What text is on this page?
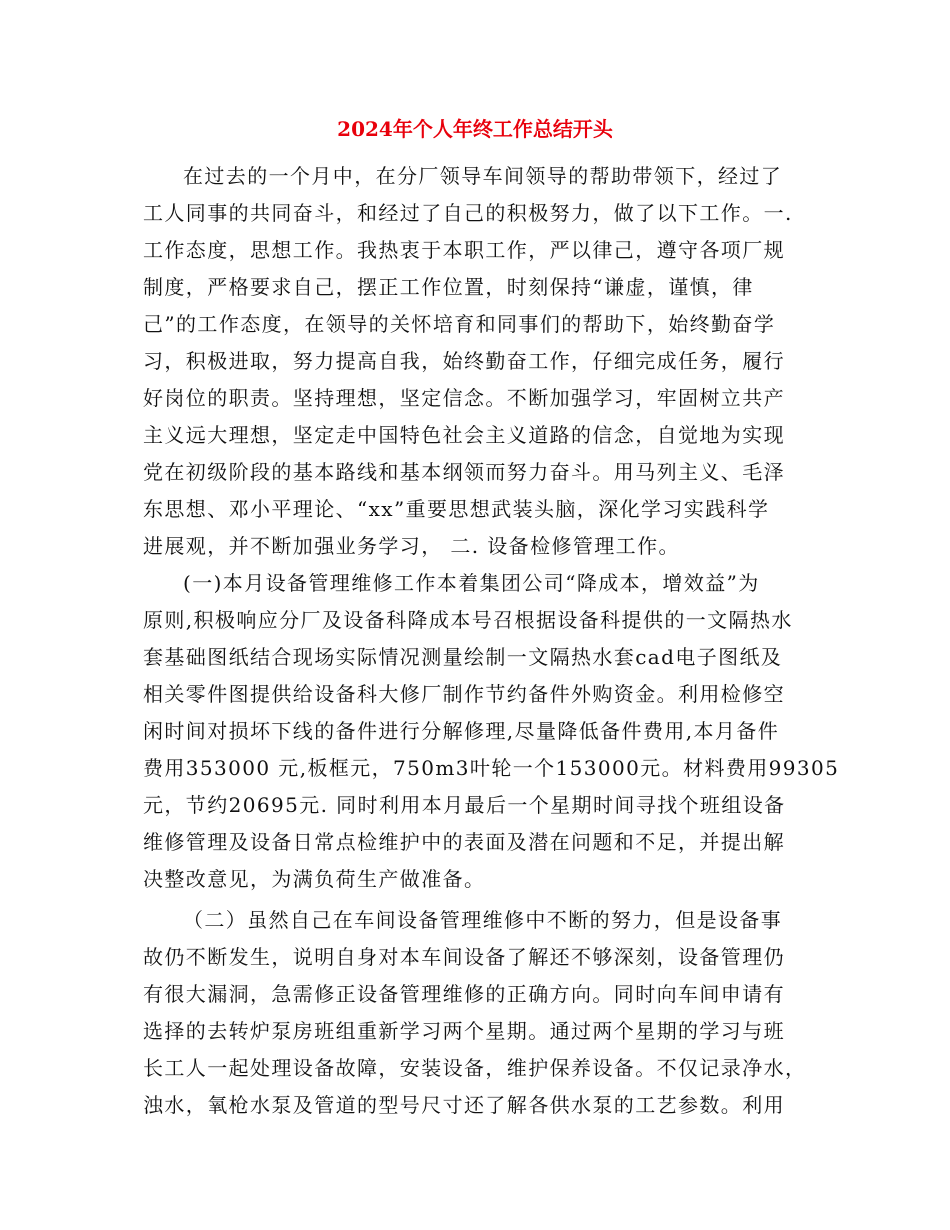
2024年个人年终工作总结开头

在过去的一个月中，在分厂领导车间领导的帮助带领下，经过了
工人同事的共同奋斗，和经过了自己的积极努力，做了以下工作。一.
工作态度，思想工作。我热衷于本职工作，严以律己，遵守各项厂规
制度，严格要求自己，摆正工作位置，时刻保持“谦虚，谨慎，律
己”的工作态度，在领导的关怀培育和同事们的帮助下，始终勤奋学
习，积极进取，努力提高自我，始终勤奋工作，仔细完成任务，履行
好岗位的职责。坚持理想，坚定信念。不断加强学习，牢固树立共产
主义远大理想，坚定走中国特色社会主义道路的信念，自觉地为实现
党在初级阶段的基本路线和基本纲领而努力奋斗。用马列主义、毛泽
东思想、邓小平理论、“xx”重要思想武装头脑，深化学习实践科学
进展观，并不断加强业务学习， 二. 设备检修管理工作。

(一)本月设备管理维修工作本着集团公司“降成本，增效益”为
原则,积极响应分厂及设备科降成本号召根据设备科提供的一文隔热水
套基础图纸结合现场实际情况测量绘制一文隔热水套cad电子图纸及
相关零件图提供给设备科大修厂制作节约备件外购资金。利用检修空
闲时间对损坏下线的备件进行分解修理,尽量降低备件费用,本月备件
费用353000 元,板框元，750m3叶轮一个153000元。材料费用99305
元，节约20695元. 同时利用本月最后一个星期时间寻找个班组设备
维修管理及设备日常点检维护中的表面及潜在问题和不足，并提出解
决整改意见，为满负荷生产做准备。

（二）虽然自己在车间设备管理维修中不断的努力，但是设备事
故仍不断发生，说明自身对本车间设备了解还不够深刻，设备管理仍
有很大漏洞，急需修正设备管理维修的正确方向。同时向车间申请有
选择的去转炉泵房班组重新学习两个星期。通过两个星期的学习与班
长工人一起处理设备故障，安装设备，维护保养设备。不仅记录净水，
浊水，氧枪水泵及管道的型号尺寸还了解各供水泵的工艺参数。利用
